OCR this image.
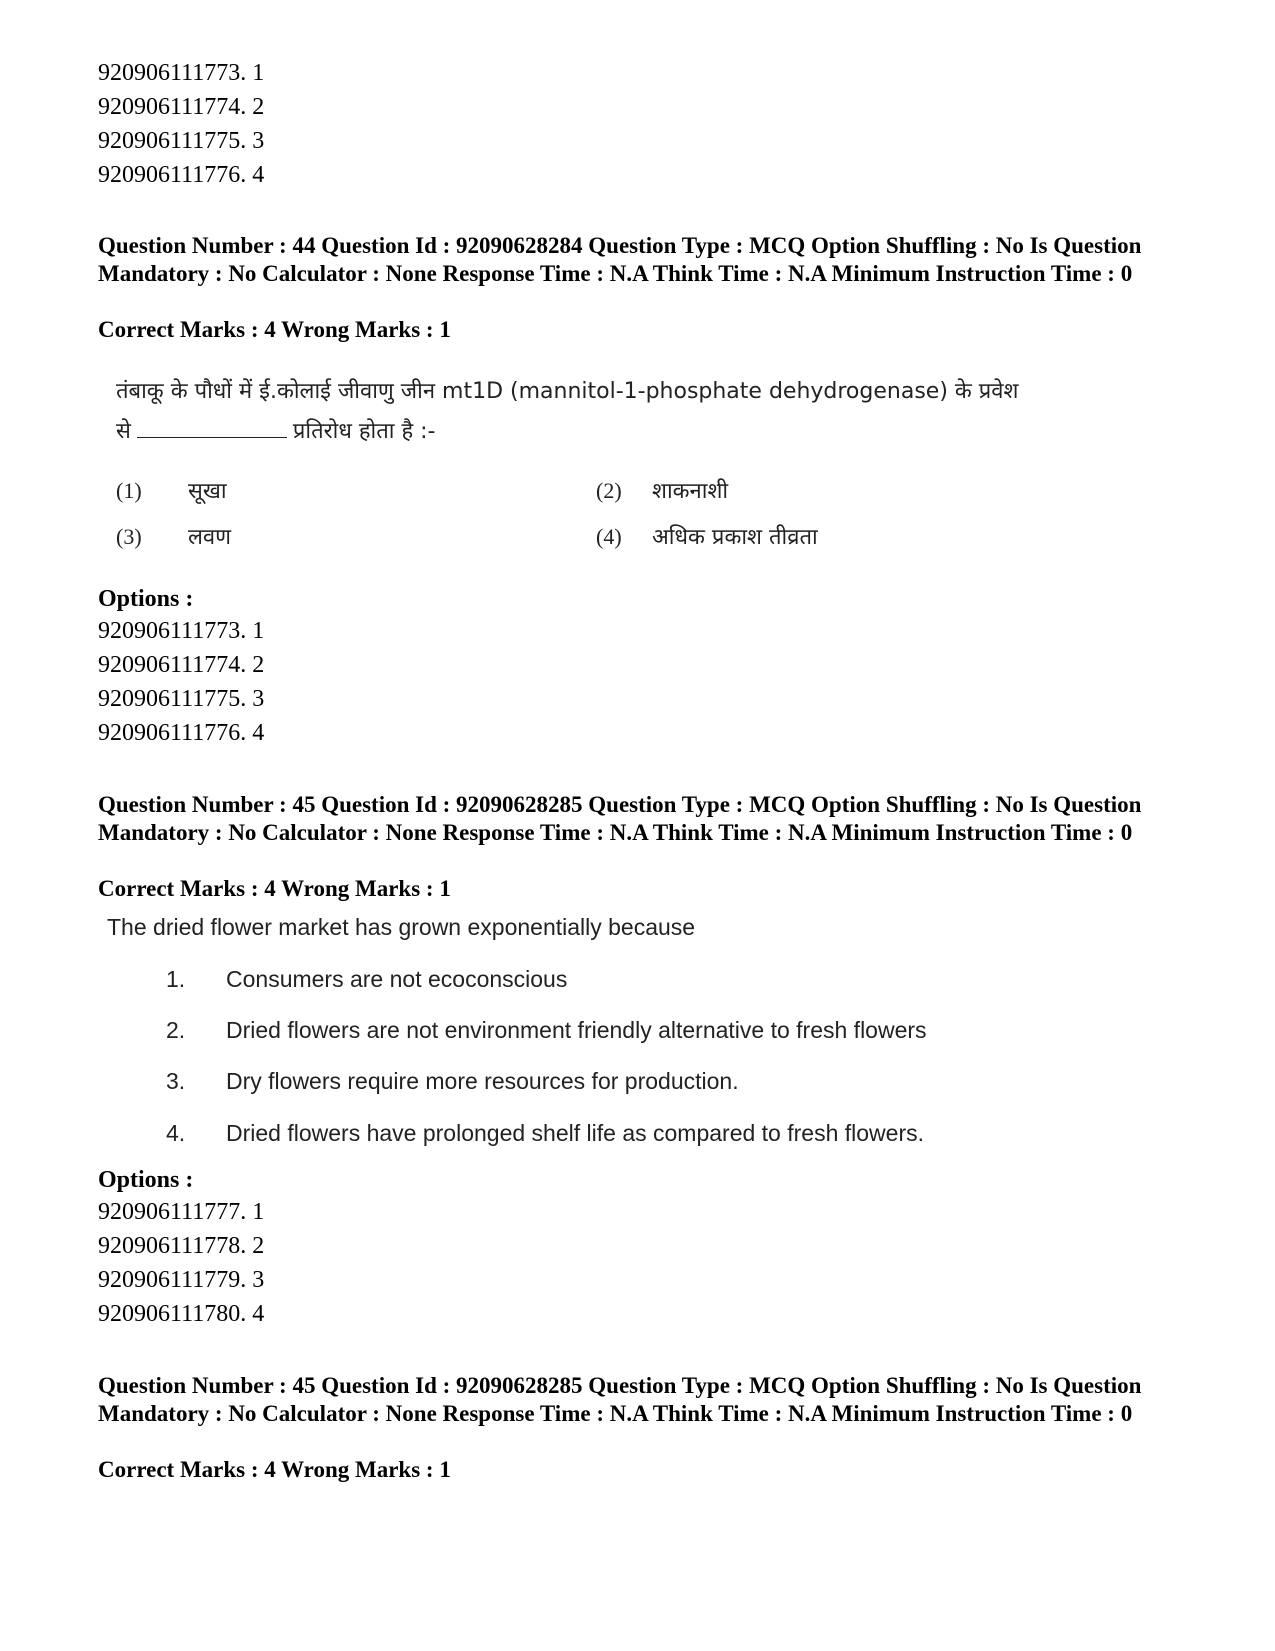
920906111773. 1
920906111774. 2
920906111775. 3
920906111776. 4
Question Number : 44 Question Id : 92090628284 Question Type : MCQ Option Shuffling : No Is Question Mandatory : No Calculator : None Response Time : N.A Think Time : N.A Minimum Instruction Time : 0
Correct Marks : 4 Wrong Marks : 1
तंबाकू के पौधों में ई.कोलाई जीवाणु जीन mt1D (mannitol-1-phosphate dehydrogenase) के प्रवेश
से	प्रतिरोध होता है :-
(1) सूखा	(2) शाकनाशी
(3) लवण	(4) अधिक प्रकाश तीव्रता
Options :
920906111773. 1
920906111774. 2
920906111775. 3
920906111776. 4
Question Number : 45 Question Id : 92090628285 Question Type : MCQ Option Shuffling : No Is Question Mandatory : No Calculator : None Response Time : N.A Think Time : N.A Minimum Instruction Time : 0
Correct Marks : 4 Wrong Marks : 1
The dried flower market has grown exponentially because
1. Consumers are not ecoconscious
2. Dried flowers are not environment friendly alternative to fresh flowers
3. Dry flowers require more resources for production.
4. Dried flowers have prolonged shelf life as compared to fresh flowers.
Options :
920906111777. 1
920906111778. 2
920906111779. 3
920906111780. 4
Question Number : 45 Question Id : 92090628285 Question Type : MCQ Option Shuffling : No Is Question Mandatory : No Calculator : None Response Time : N.A Think Time : N.A Minimum Instruction Time : 0
Correct Marks : 4 Wrong Marks : 1
